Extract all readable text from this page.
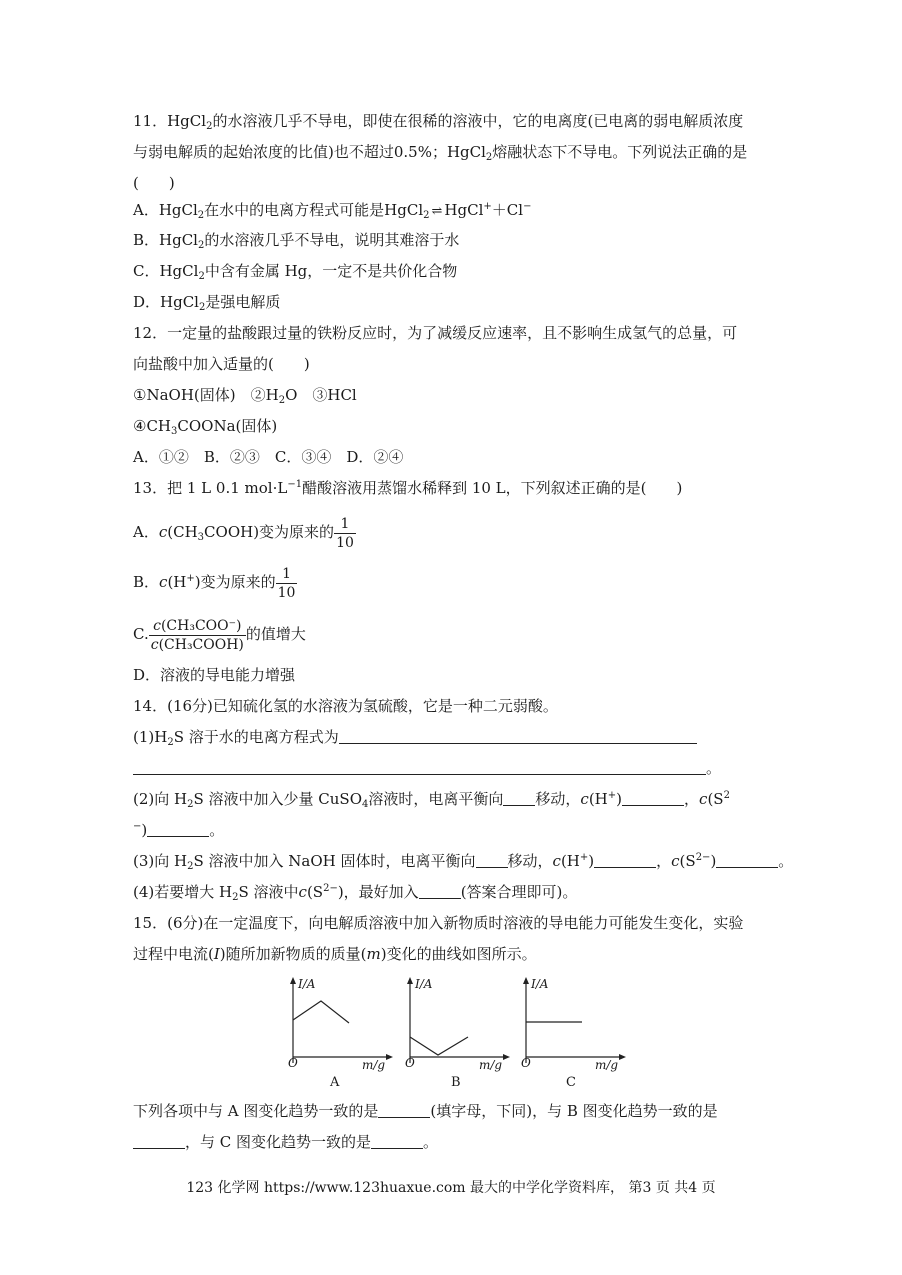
11．HgCl$_2$的水溶液几乎不导电，即使在很稀的溶液中，它的电离度(已电离的弱电解质浓度
与弱电解质的起始浓度的比值)也不超过0.5%；HgCl$_2$熔融状态下不导电。下列说法正确的是
(　　)
A．HgCl$_2$在水中的电离方程式可能是HgCl$_2$ ⇌ HgCl+＋Cl−
B．HgCl$_2$的水溶液几乎不导电，说明其难溶于水
C．HgCl$_2$中含有金属 Hg，一定不是共价化合物
D．HgCl$_2$是强电解质
12．一定量的盐酸跟过量的铁粉反应时，为了减缓反应速率，且不影响生成氢气的总量，可
向盐酸中加入适量的(　　)
①NaOH(固体)　$②H_2O$　③HCl
$④CH_3COONa$(固体)
A．①②　B．②③　C．③④　D．②④
13．把 1 L 0.1 $mol\cdot L^{-1}$醋酸溶液用蒸馏水稀释到 10 L，下列叙述正确的是(　　)
A．$c(CH_3COOH)$变为原来的 $\frac{1}{10}$
B．c(H+)变为原来的 $\frac{1}{10}$
C. $\frac{\text{c(CH₃COO⁻)}}{\text{c(CH₃COOH)}}$ 的值增大
D．溶液的导电能力增强
14．(16分)已知硫化氢的水溶液为氢硫酸，它是一种二元弱酸。
$(1)H_2S$ 溶于水的电离方程式为
。
(2)向 $H_2S$ 溶液中加入少量 CuSO$_4$溶液时，电离平衡向 移动，c(H+)	，$c(S^2$
−)	。
(3)向 $H_2S$ 溶液中加入 NaOH 固体时，电离平衡向 移动，c(H+)	，$c(S^{2-})$	。
(4)若要增大 $H_2S$ 溶液中$c(S^{2-})$，最好加入	(答案合理即可)。
15．(6分)在一定温度下，向电解质溶液中加入新物质时溶液的导电能力可能发生变化，实验
过程中电流(I)随所加新物质的质量(m)变化的曲线如图所示。
I/A
O	m/g
I/A
O	m/g
I/A
O	m/g
A	B	C
下列各项中与 A 图变化趋势一致的是	(填字母，下同)，与 B 图变化趋势一致的是
，与 C 图变化趋势一致的是	。
123 化学网 https://www.123huaxue.com 最大的中学化学资料库， 第3 页 共4 页
